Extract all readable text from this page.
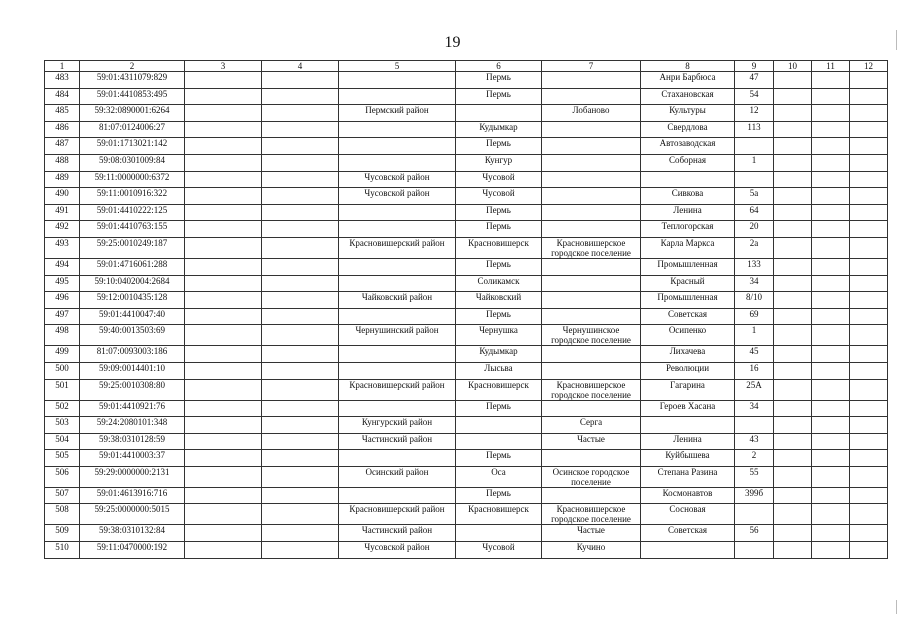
19
1	2	3	4	5	6	7	8	9	10	11	12
483	59:01:4311079:829				Пермь		Анри Барбюса	47			
484	59:01:4410853:495				Пермь		Стахановская	54			
485	59:32:0890001:6264			Пермский район		Лобаново	Культуры	12			
486	81:07:0124006:27				Кудымкар		Свердлова	113			
487	59:01:1713021:142				Пермь		Автозаводская				
488	59:08:0301009:84				Кунгур		Соборная	1			
489	59:11:0000000:6372			Чусовской район	Чусовой						
490	59:11:0010916:322			Чусовской район	Чусовой		Сивкова	5а			
491	59:01:4410222:125				Пермь		Ленина	64			
492	59:01:4410763:155				Пермь		Теплогорская	20			
493	59:25:0010249:187			Красновишерский район	Красновишерск	Красновишерское городское поселение	Карла Маркса	2а			
494	59:01:4716061:288				Пермь		Промышленная	133			
495	59:10:0402004:2684				Соликамск		Красный	34			
496	59:12:0010435:128			Чайковский район	Чайковский		Промышленная	8/10			
497	59:01:4410047:40				Пермь		Советская	69			
498	59:40:0013503:69			Чернушинский район	Чернушка	Чернушинское городское поселение	Осипенко	1			
499	81:07:0093003:186				Кудымкар		Лихачева	45			
500	59:09:0014401:10				Лысьва		Революции	16			
501	59:25:0010308:80			Красновишерский район	Красновишерск	Красновишерское городское поселение	Гагарина	25А			
502	59:01:4410921:76				Пермь		Героев Хасана	34			
503	59:24:2080101:348			Кунгурский район		Серга					
504	59:38:0310128:59			Частинский район		Частые	Ленина	43			
505	59:01:4410003:37				Пермь		Куйбышева	2			
506	59:29:0000000:2131			Осинский район	Оса	Осинское городское поселение	Степана Разина	55			
507	59:01:4613916:716				Пермь		Космонавтов	399б			
508	59:25:0000000:5015			Красновишерский район	Красновишерск	Красновишерское городское поселение	Сосновая				
509	59:38:0310132:84			Частинский район		Частые	Советская	56			
510	59:11:0470000:192			Чусовской район	Чусовой	Кучино					
